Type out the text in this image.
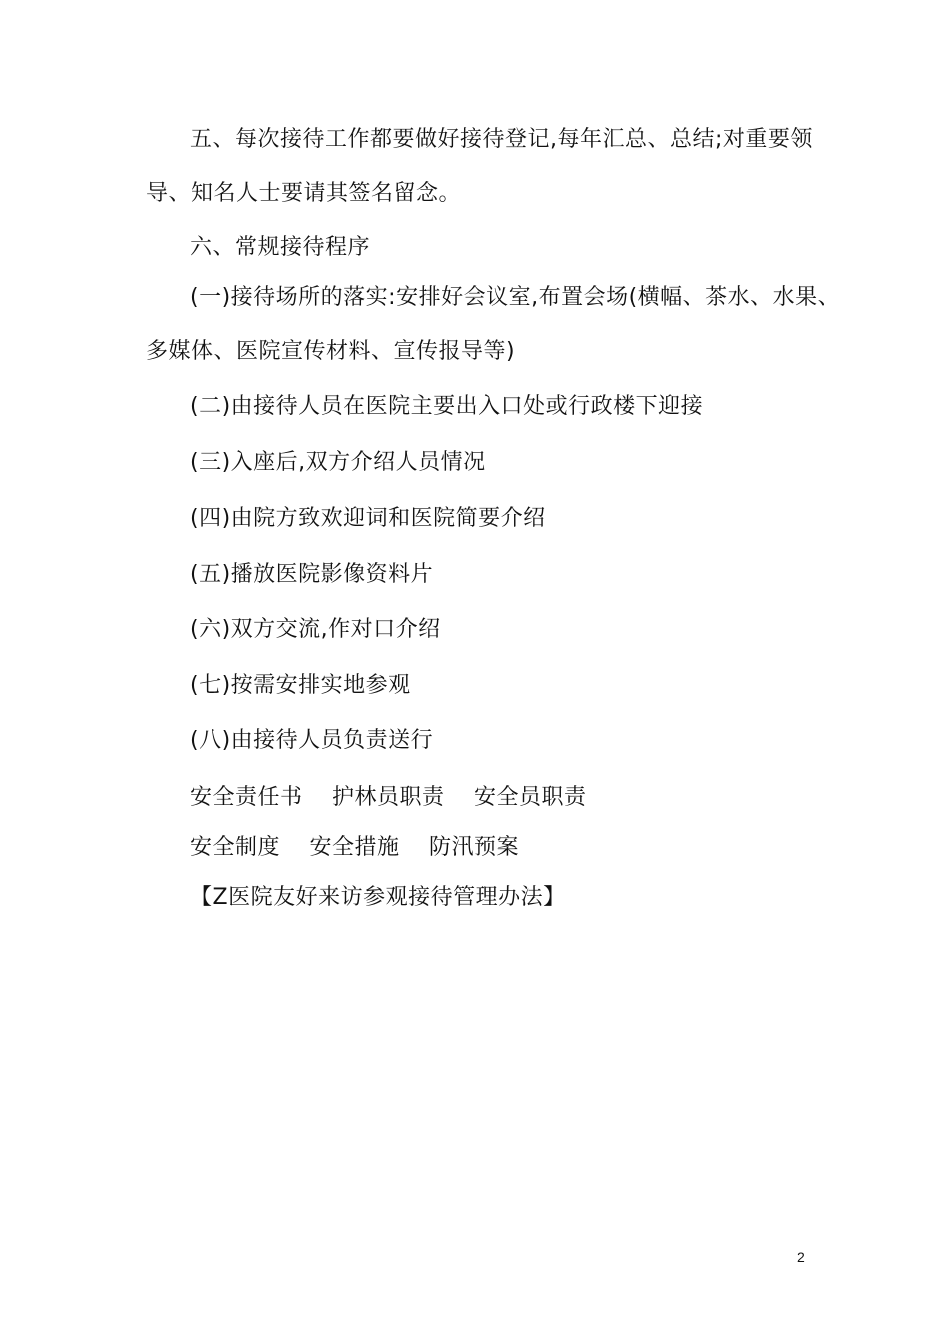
五、每次接待工作都要做好接待登记,每年汇总、总结;对重要领
导、知名人士要请其签名留念。
六、常规接待程序
(一)接待场所的落实:安排好会议室,布置会场(横幅、茶水、水果、
多媒体、医院宣传材料、宣传报导等)
(二)由接待人员在医院主要出入口处或行政楼下迎接
(三)入座后,双方介绍人员情况
(四)由院方致欢迎词和医院简要介绍
(五)播放医院影像资料片
(六)双方交流,作对口介绍
(七)按需安排实地参观
(八)由接待人员负责送行
安全责任书 护林员职责 安全员职责
安全制度 安全措施 防汛预案
【Z医院友好来访参观接待管理办法】
2
